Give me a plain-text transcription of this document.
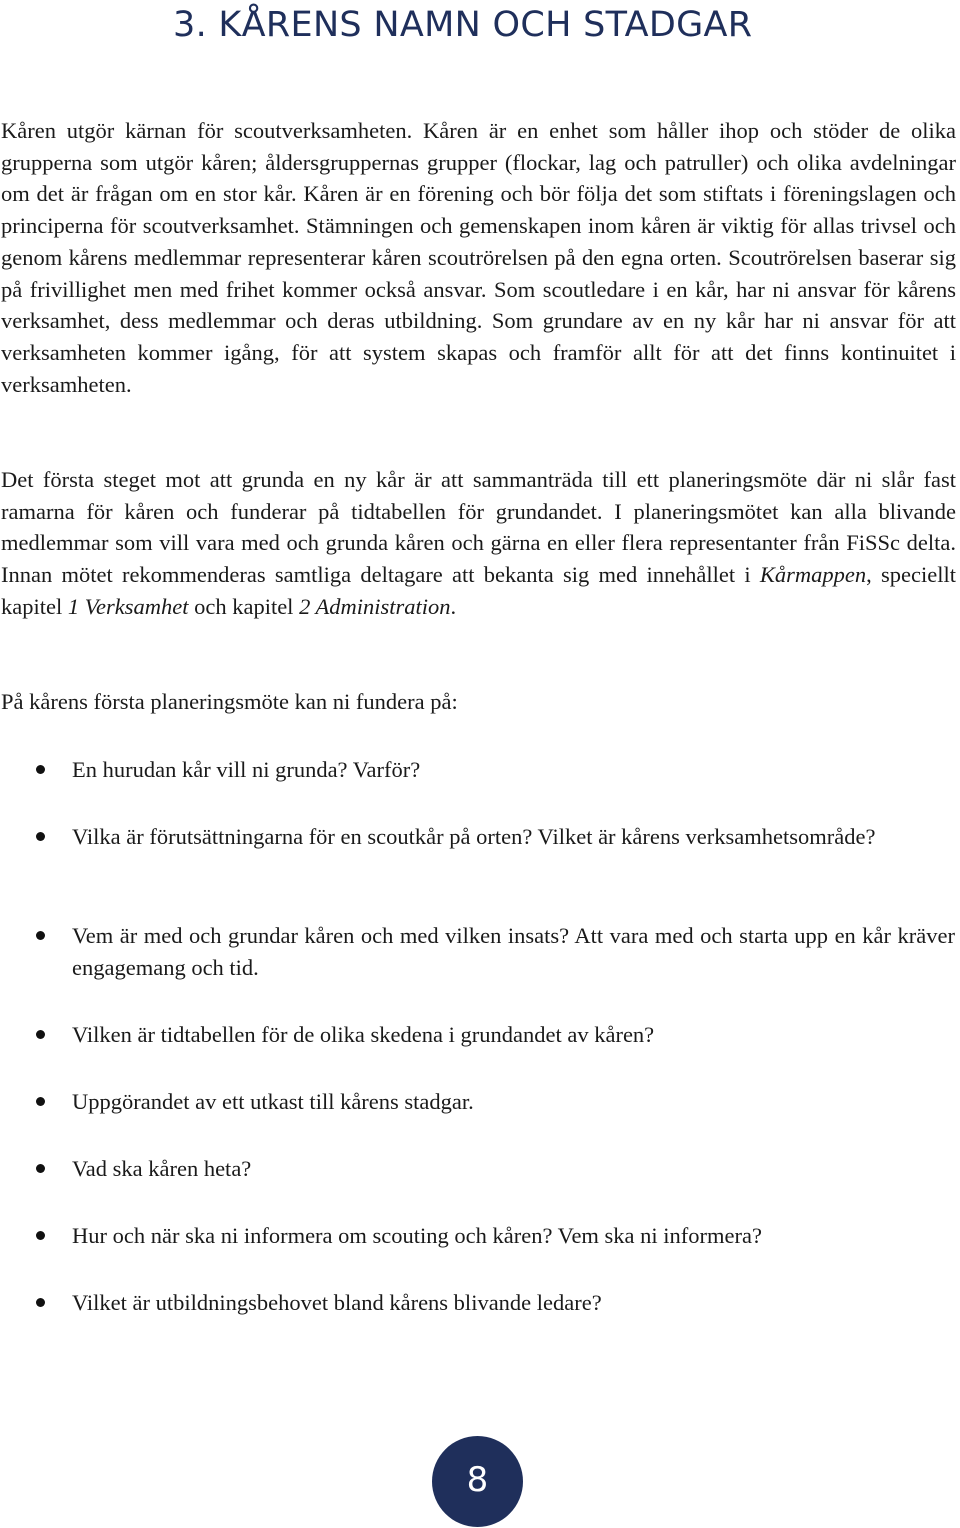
3. KÅRENS NAMN OCH STADGAR

Kåren utgör kärnan för scoutverksamheten. Kåren är en enhet som håller ihop och stöder de olika grupperna som utgör kåren; åldersgruppernas grupper (flockar, lag och patruller) och olika avdelningar om det är frågan om en stor kår. Kåren är en förening och bör följa det som stiftats i föreningslagen och principerna för scoutverksamhet. Stämningen och gemenskapen inom kåren är viktig för allas trivsel och genom kårens medlemmar representerar kåren scoutrörelsen på den egna orten. Scoutrörelsen baserar sig på frivillighet men med frihet kommer också ansvar. Som scoutledare i en kår, har ni ansvar för kårens verksamhet, dess medlemmar och deras utbildning. Som grundare av en ny kår har ni ansvar för att verksamheten kommer igång, för att system skapas och framför allt för att det finns kontinuitet i verksamheten.

Det första steget mot att grunda en ny kår är att sammanträda till ett planeringsmöte där ni slår fast ramarna för kåren och funderar på tidtabellen för grundandet. I planeringsmötet kan alla blivande medlemmar som vill vara med och grunda kåren och gärna en eller flera representanter från FiSSc delta. Innan mötet rekommenderas samtliga deltagare att bekanta sig med innehållet i Kårmappen, speciellt kapitel 1 Verksamhet och kapitel 2 Administration.

På kårens första planeringsmöte kan ni fundera på:

En hurudan kår vill ni grunda? Varför?
Vilka är förutsättningarna för en scoutkår på orten? Vilket är kårens verksamhetsområde?
Vem är med och grundar kåren och med vilken insats? Att vara med och starta upp en kår kräver engagemang och tid.
Vilken är tidtabellen för de olika skedena i grundandet av kåren?
Uppgörandet av ett utkast till kårens stadgar.
Vad ska kåren heta?
Hur och när ska ni informera om scouting och kåren? Vem ska ni informera?
Vilket är utbildningsbehovet bland kårens blivande ledare?
8
